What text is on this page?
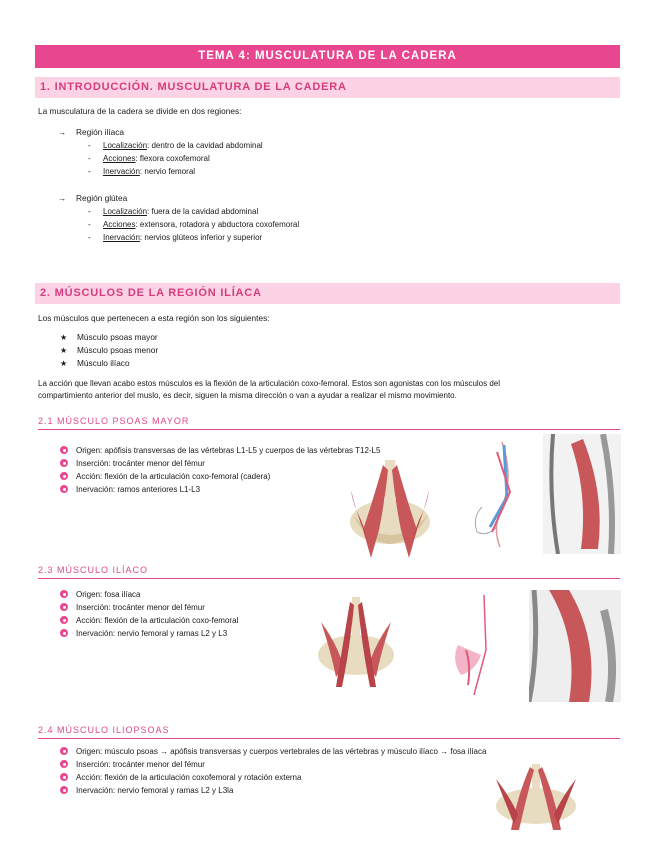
TEMA 4: MUSCULATURA DE LA CADERA
1. INTRODUCCIÓN. MUSCULATURA DE LA CADERA
La musculatura de la cadera se divide en dos regiones:
→ Región ilíaca
- Localización: dentro de la cavidad abdominal
- Acciones: flexora coxofemoral
- Inervación: nervio femoral
→ Región glútea
- Localización: fuera de la cavidad abdominal
- Acciones: extensora, rotadora y abductora coxofemoral
- Inervación: nervios glúteos inferior y superior
2. MÚSCULOS DE LA REGIÓN ILÍACA
Los músculos que pertenecen a esta región son los siguientes:
★ Músculo psoas mayor
★ Músculo psoas menor
★ Músculo ilíaco
La acción que llevan acabo estos músculos es la flexión de la articulación coxo-femoral. Estos son agonistas con los músculos del
compartimiento anterior del muslo, es decir, siguen la misma dirección o van a ayudar a realizar el mismo movimiento.
2.1 MÚSCULO PSOAS MAYOR
Origen: apófisis transversas de las vértebras L1-L5 y cuerpos de las vértebras T12-L5
Inserción: trocánter menor del fémur
Acción: flexión de la articulación coxo-femoral (cadera)
Inervación: ramos anteriores L1-L3
2.3 MÚSCULO ILÍACO
Origen: fosa ilíaca
Inserción: trocánter menor del fémur
Acción: flexión de la articulación coxo-femoral
Inervación: nervio femoral y ramas L2 y L3
2.4 MÚSCULO ILIOPSOAS
Origen: músculo psoas → apófisis transversas y cuerpos vertebrales de las vértebras y músculo ilíaco → fosa ilíaca
Inserción: trocánter menor del fémur
Acción: flexión de la articulación coxofemoral y rotación externa
Inervación: nervio femoral y ramas L2 y L3la
